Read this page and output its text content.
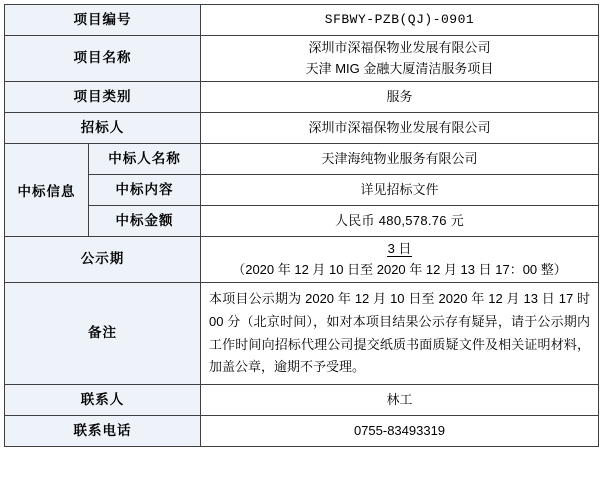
项目编号		SFBWY-PZB(QJ)-0901
项目名称		深圳市深福保物业发展有限公司
天津 MIG 金融大厦清洁服务项目

项目类别		服务
招标人		深圳市深福保物业发展有限公司
中标信息	中标人名称	天津海纯物业服务有限公司
	中标内容	详见招标文件
	中标金额	人民币 480,578.76 元
公示期		3 日
（2020 年 12 月 10 日至 2020 年 12 月 13 日 17：00 整）

备注		本项目公示期为 2020 年 12 月 10 日至 2020 年 12 月 13 日 17 时 00 分（北京时间），如对本项目结果公示存有疑异，请于公示期内工作时间向招标代理公司提交纸质书面质疑文件及相关证明材料，加盖公章，逾期不予受理。
联系人		林工
联系电话		0755-83493319
